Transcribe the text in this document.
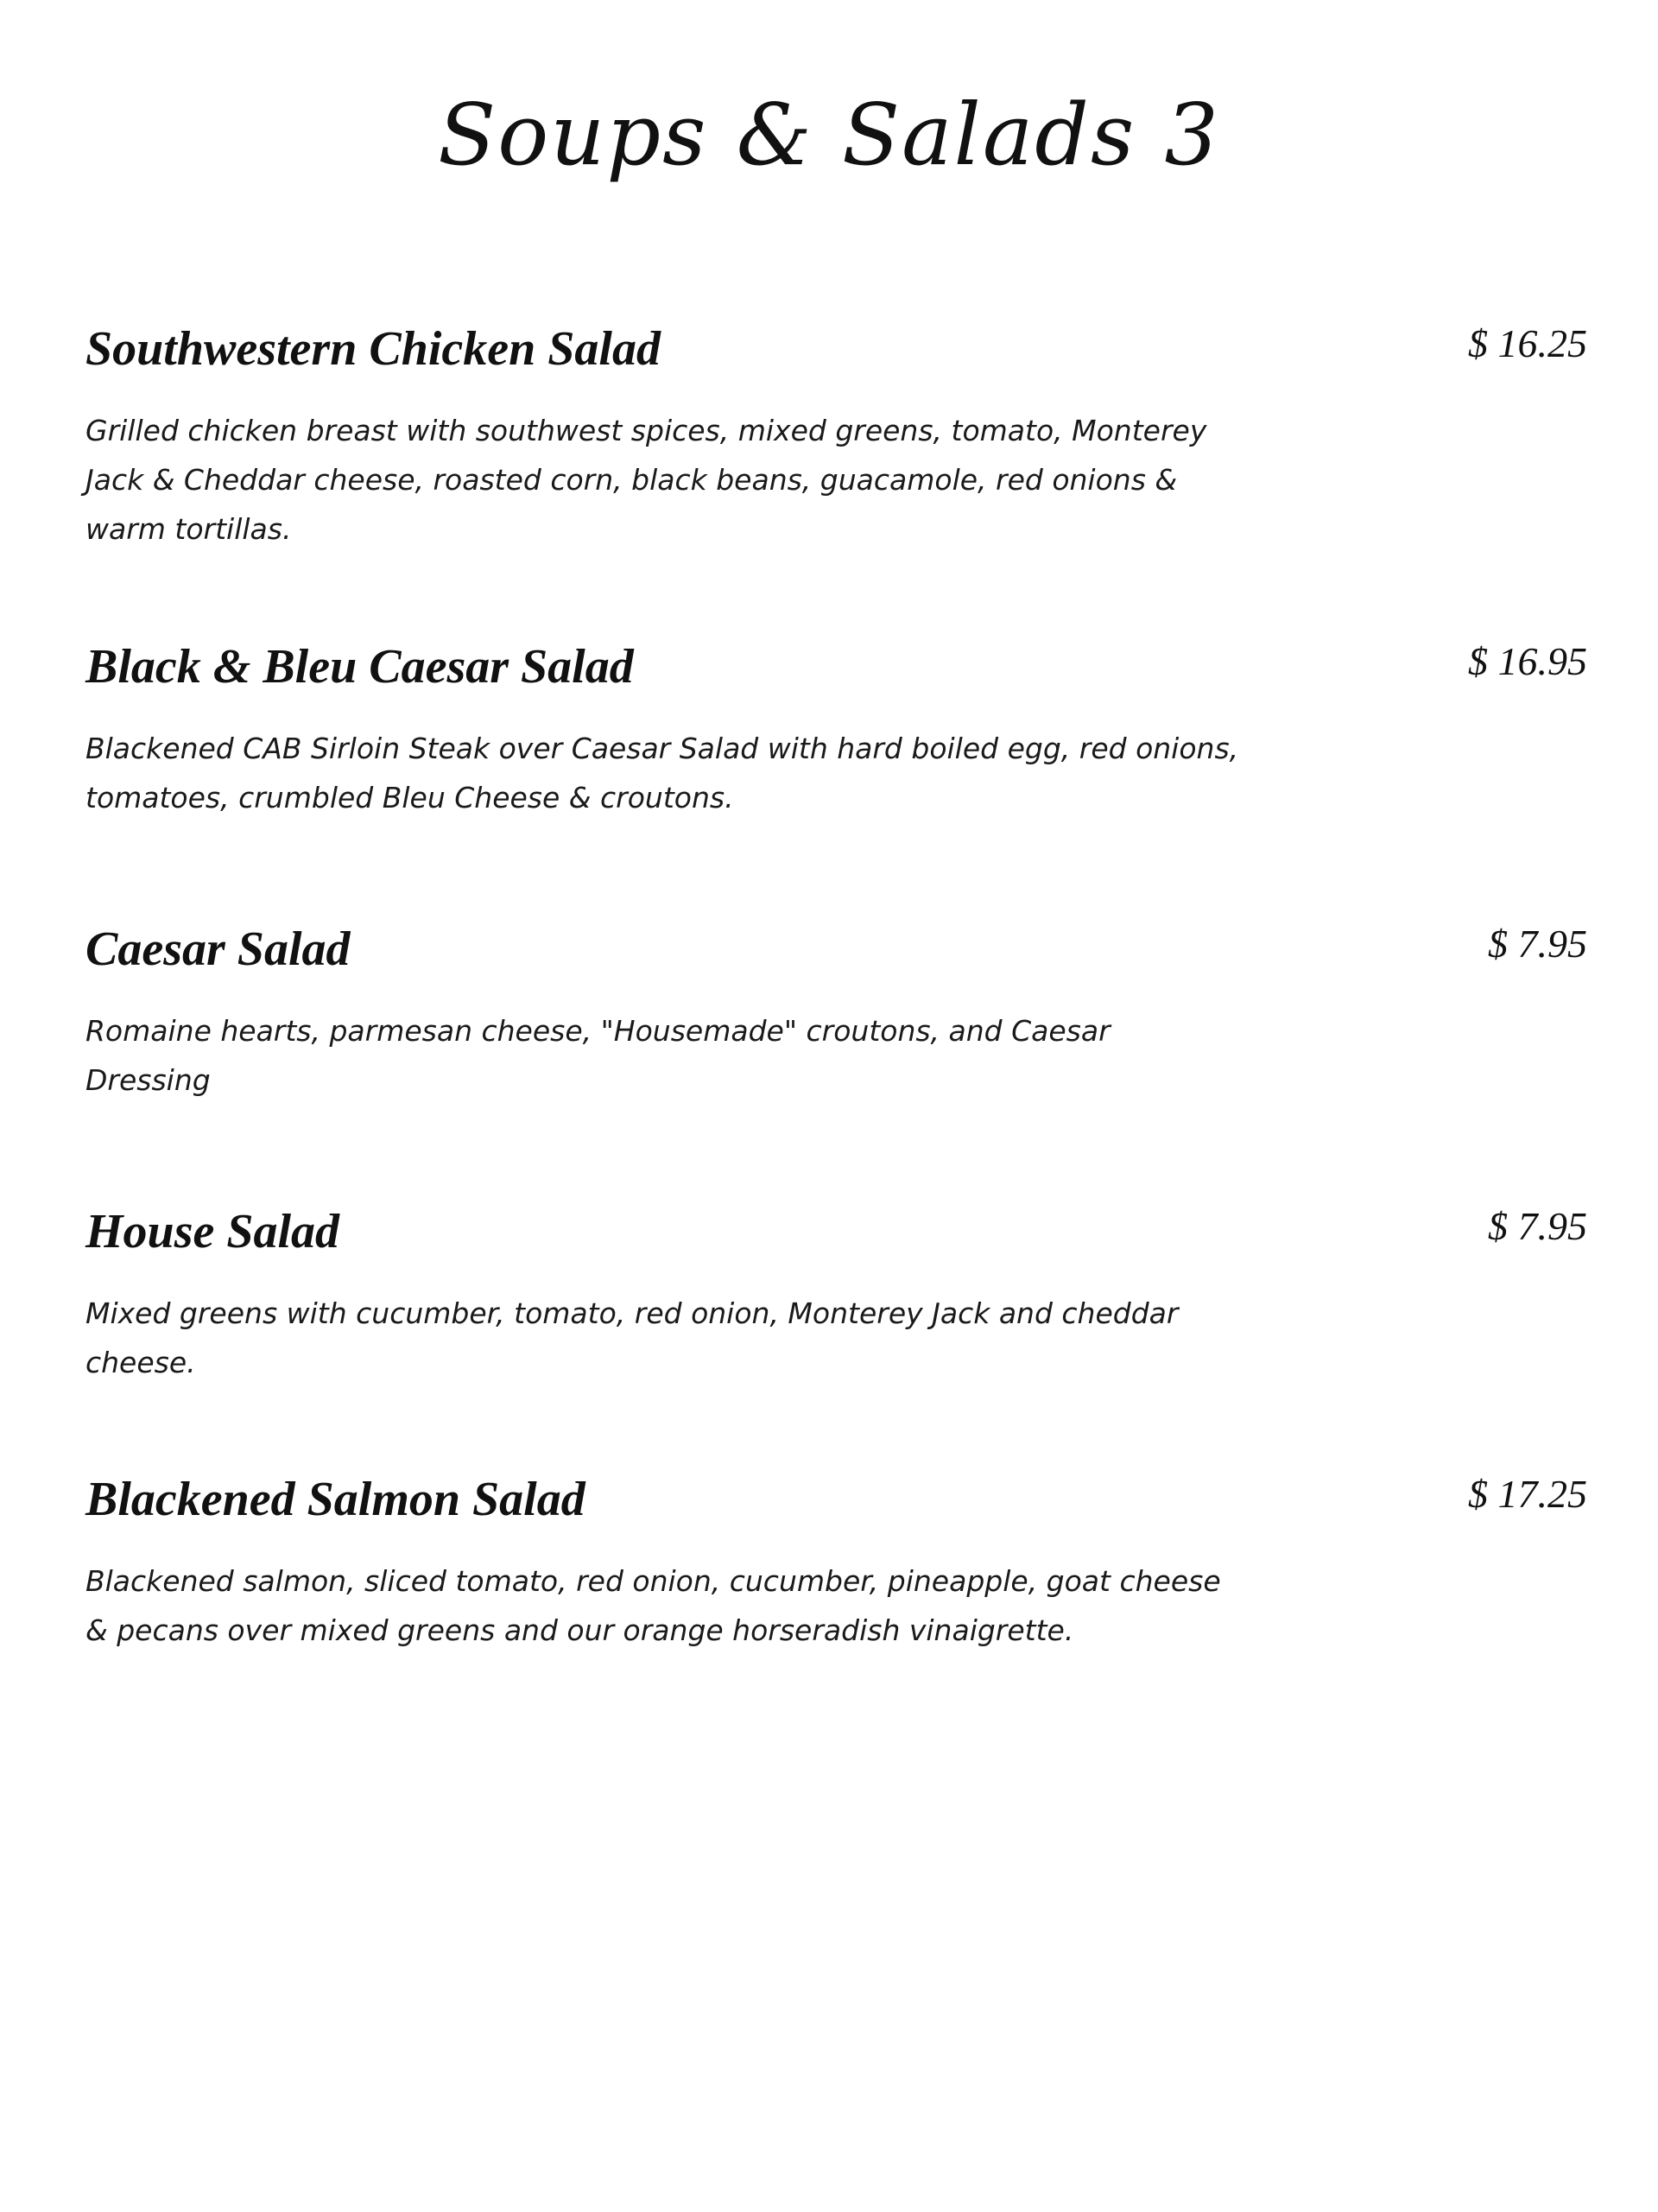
Soups & Salads 3
Southwestern Chicken Salad	$ 16.25
Grilled chicken breast with southwest spices, mixed greens, tomato, Monterey Jack & Cheddar cheese, roasted corn, black beans, guacamole, red onions & warm tortillas.
Black & Bleu Caesar Salad	$ 16.95
Blackened CAB Sirloin Steak over Caesar Salad with hard boiled egg, red onions, tomatoes, crumbled Bleu Cheese & croutons.
Caesar Salad	$ 7.95
Romaine hearts, parmesan cheese, "Housemade" croutons, and Caesar Dressing
House Salad	$ 7.95
Mixed greens with cucumber, tomato, red onion, Monterey Jack and cheddar cheese.
Blackened Salmon Salad	$ 17.25
Blackened salmon, sliced tomato, red onion, cucumber, pineapple, goat cheese & pecans over mixed greens and our orange horseradish vinaigrette.
